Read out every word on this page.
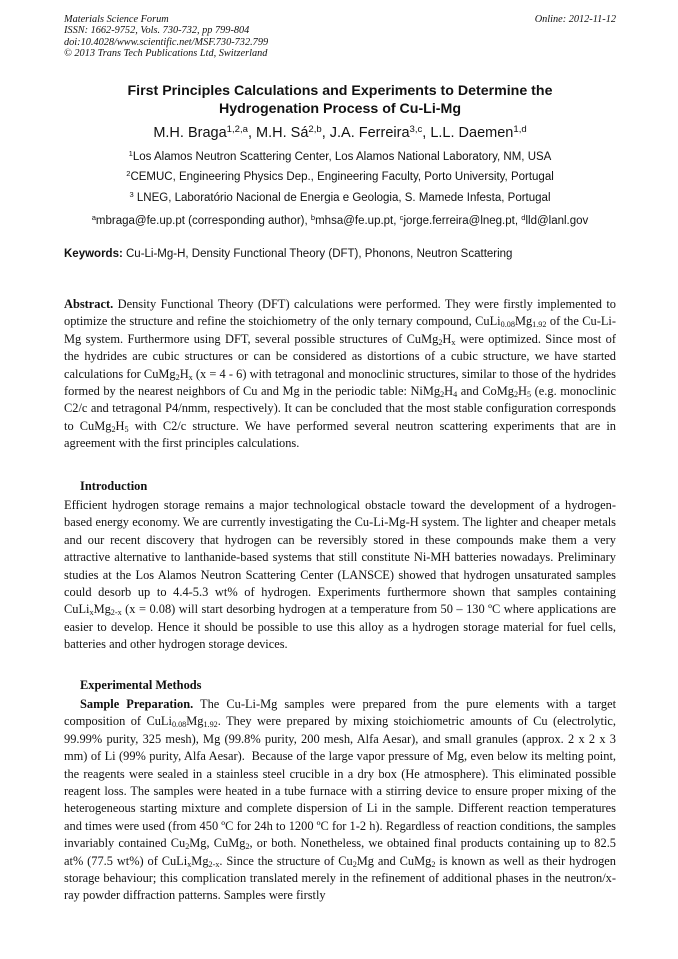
Materials Science Forum
ISSN: 1662-9752, Vols. 730-732, pp 799-804
doi:10.4028/www.scientific.net/MSF.730-732.799
© 2013 Trans Tech Publications Ltd, Switzerland
Online: 2012-11-12
First Principles Calculations and Experiments to Determine the
Hydrogenation Process of Cu-Li-Mg
M.H. Braga$^{1,2,a}$, M.H. Sá$^{2,b}$, J.A. Ferreira$^{3,c}$, L.L. Daemen$^{1,d}$
$^1$Los Alamos Neutron Scattering Center, Los Alamos National Laboratory, NM, USA
$^2$CEMUC, Engineering Physics Dep., Engineering Faculty, Porto University, Portugal
$^3$ LNEG, Laboratório Nacional de Energia e Geologia, S. Mamede Infesta, Portugal
$^a$mbraga@fe.up.pt (corresponding author), $^b$mhsa@fe.up.pt, $^c$jorge.ferreira@lneg.pt, $^d$lld@lanl.gov
Keywords: Cu-Li-Mg-H, Density Functional Theory (DFT), Phonons, Neutron Scattering
Abstract. Density Functional Theory (DFT) calculations were performed. They were firstly implemented to optimize the structure and refine the stoichiometry of the only ternary compound, $CuLi_{0.08}Mg_{1.92}$ of the Cu-Li-Mg system. Furthermore using DFT, several possible structures of $CuMg_2H_x$ were optimized. Since most of the hydrides are cubic structures or can be considered as distortions of a cubic structure, we have started calculations for $CuMg_2H_x$ (x = 4 - 6) with tetragonal and monoclinic structures, similar to those of the hydrides formed by the nearest neighbors of Cu and Mg in the periodic table: $NiMg_2H_4$ and $CoMg_2H_5$ (e.g. monoclinic C2/c and tetragonal P4/nmm, respectively). It can be concluded that the most stable configuration corresponds to $CuMg_2H_5$ with C2/c structure. We have performed several neutron scattering experiments that are in agreement with the first principles calculations.
Introduction
Efficient hydrogen storage remains a major technological obstacle toward the development of a hydrogen-based energy economy. We are currently investigating the Cu-Li-Mg-H system. The lighter and cheaper metals and our recent discovery that hydrogen can be reversibly stored in these compounds make them a very attractive alternative to lanthanide-based systems that still constitute Ni-MH batteries nowadays. Preliminary studies at the Los Alamos Neutron Scattering Center (LANSCE) showed that hydrogen unsaturated samples could desorb up to 4.4-5.3 wt% of hydrogen. Experiments furthermore shown that samples containing $CuLi_xMg_{2-x}$ (x = 0.08) will start desorbing hydrogen at a temperature from 50 – 130 ºC where applications are easier to develop. Hence it should be possible to use this alloy as a hydrogen storage material for fuel cells, batteries and other hydrogen storage devices.
Experimental Methods
Sample Preparation. The Cu-Li-Mg samples were prepared from the pure elements with a target composition of $CuLi_{0.08}Mg_{1.92}$. They were prepared by mixing stoichiometric amounts of Cu (electrolytic, 99.99% purity, 325 mesh), Mg (99.8% purity, 200 mesh, Alfa Aesar), and small granules (approx. 2 x 2 x 3 mm) of Li (99% purity, Alfa Aesar).  Because of the large vapor pressure of Mg, even below its melting point, the reagents were sealed in a stainless steel crucible in a dry box (He atmosphere). This eliminated possible reagent loss. The samples were heated in a tube furnace with a stirring device to ensure proper mixing of the heterogeneous starting mixture and complete dispersion of Li in the sample. Different reaction temperatures and times were used (from 450 ºC for 24h to 1200 ºC for 1-2 h). Regardless of reaction conditions, the samples invariably contained $Cu_2Mg$, CuMg$_2$, or both. Nonetheless, we obtained final products containing up to 82.5 at% (77.5 wt%) of $CuLi_xMg_{2-x}$. Since the structure of $Cu_2Mg$ and CuMg$_2$ is known as well as their hydrogen storage behaviour; this complication translated merely in the refinement of additional phases in the neutron/x-ray powder diffraction patterns. Samples were firstly
